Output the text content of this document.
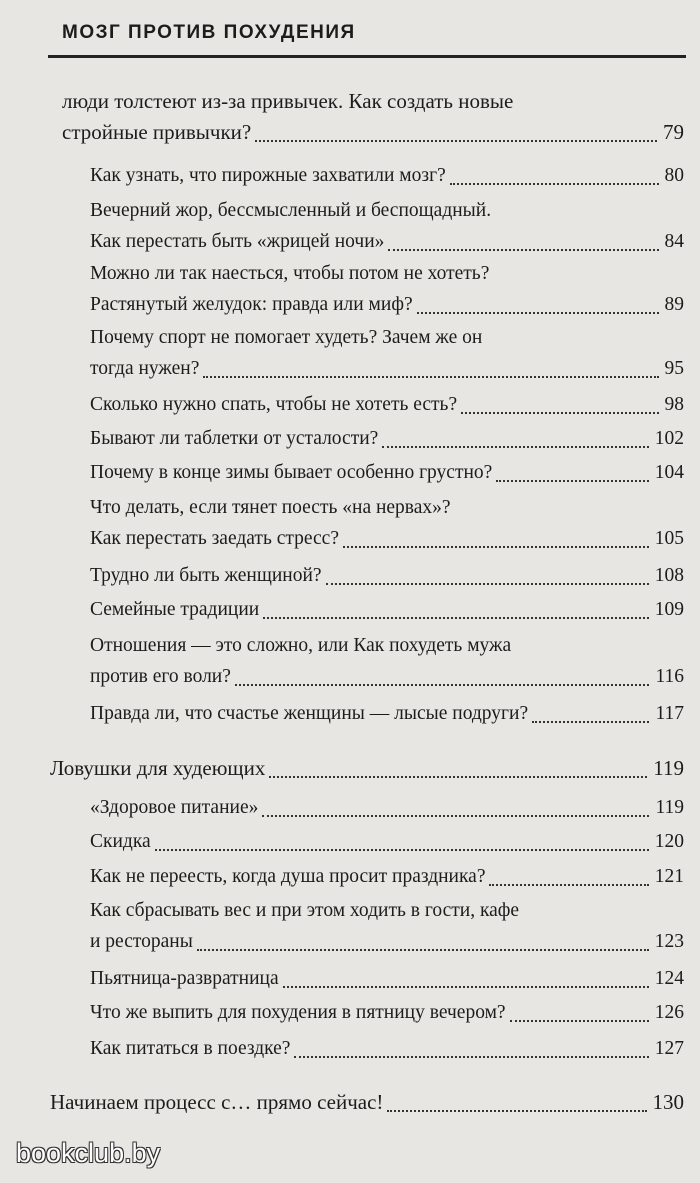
МОЗГ ПРОТИВ ПОХУДЕНИЯ
люди толстеют из-за привычек. Как создать новые
стройные привычки?	79
Как узнать, что пирожные захватили мозг?	80
Вечерний жор, бессмысленный и беспощадный.
Как перестать быть «жрицей ночи»	84
Можно ли так наесться, чтобы потом не хотеть?
Растянутый желудок: правда или миф?	89
Почему спорт не помогает худеть? Зачем же он
тогда нужен?	95
Сколько нужно спать, чтобы не хотеть есть?	98
Бывают ли таблетки от усталости?	102
Почему в конце зимы бывает особенно грустно?	104
Что делать, если тянет поесть «на нервах»?
Как перестать заедать стресс?	105
Трудно ли быть женщиной?	108
Семейные традиции	109
Отношения — это сложно, или Как похудеть мужа
против его воли?	116
Правда ли, что счастье женщины — лысые подруги?	117
Ловушки для худеющих	119
«Здоровое питание»	119
Скидка	120
Как не переесть, когда душа просит праздника?	121
Как сбрасывать вес и при этом ходить в гости, кафе
и рестораны	123
Пьятница-развратница	124
Что же выпить для похудения в пятницу вечером?	126
Как питаться в поездке?	127
Начинаем процесс с… прямо сейчас!	130
bookclub.by
